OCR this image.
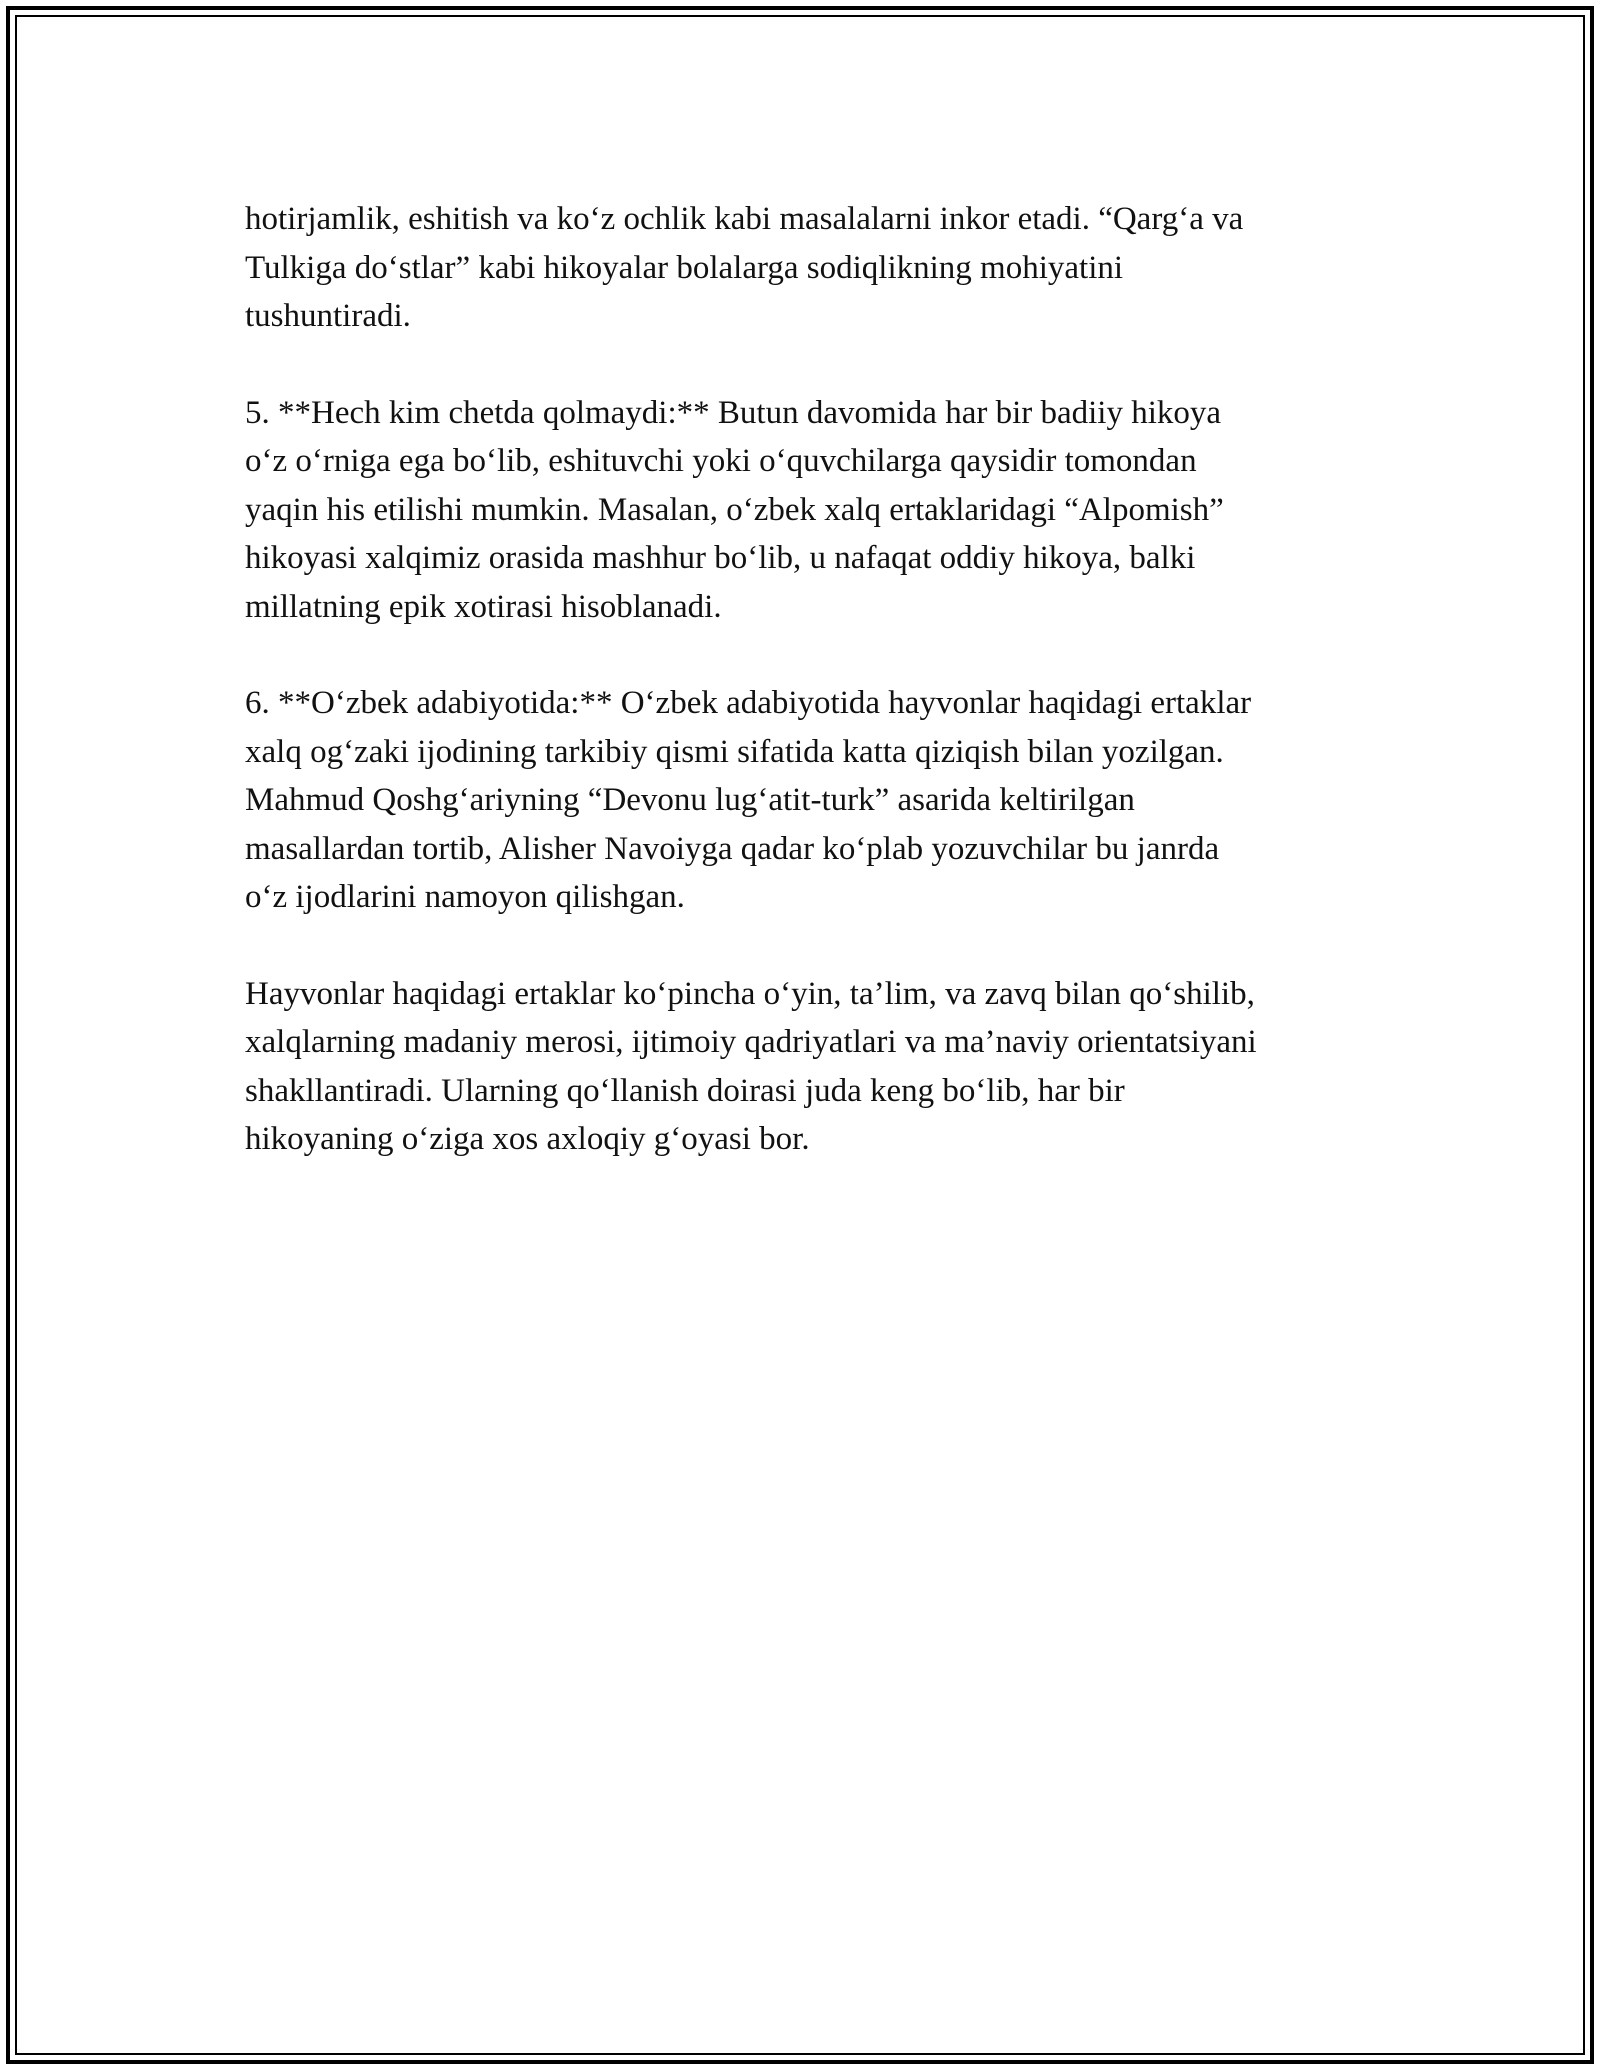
hotirjamlik, eshitish va koʻz ochlik kabi masalalarni inkor etadi. “Qargʻa va
Tulkiga doʻstlar” kabi hikoyalar bolalarga sodiqlikning mohiyatini
tushuntiradi.

5. **Hech kim chetda qolmaydi:** Butun davomida har bir badiiy hikoya
oʻz oʻrniga ega boʻlib, eshituvchi yoki oʻquvchilarga qaysidir tomondan
yaqin his etilishi mumkin. Masalan, oʻzbek xalq ertaklaridagi “Alpomish”
hikoyasi xalqimiz orasida mashhur boʻlib, u nafaqat oddiy hikoya, balki
millatning epik xotirasi hisoblanadi.

6. **Oʻzbek adabiyotida:** Oʻzbek adabiyotida hayvonlar haqidagi ertaklar
xalq ogʻzaki ijodining tarkibiy qismi sifatida katta qiziqish bilan yozilgan.
Mahmud Qoshgʻariyning “Devonu lugʻatit-turk” asarida keltirilgan
masallardan tortib, Alisher Navoiyga qadar koʻplab yozuvchilar bu janrda
oʻz ijodlarini namoyon qilishgan.

Hayvonlar haqidagi ertaklar koʻpincha oʻyin, ta’lim, va zavq bilan qoʻshilib,
xalqlarning madaniy merosi, ijtimoiy qadriyatlari va ma’naviy orientatsiyani
shakllantiradi. Ularning qoʻllanish doirasi juda keng boʻlib, har bir
hikoyaning oʻziga xos axloqiy gʻoyasi bor.
